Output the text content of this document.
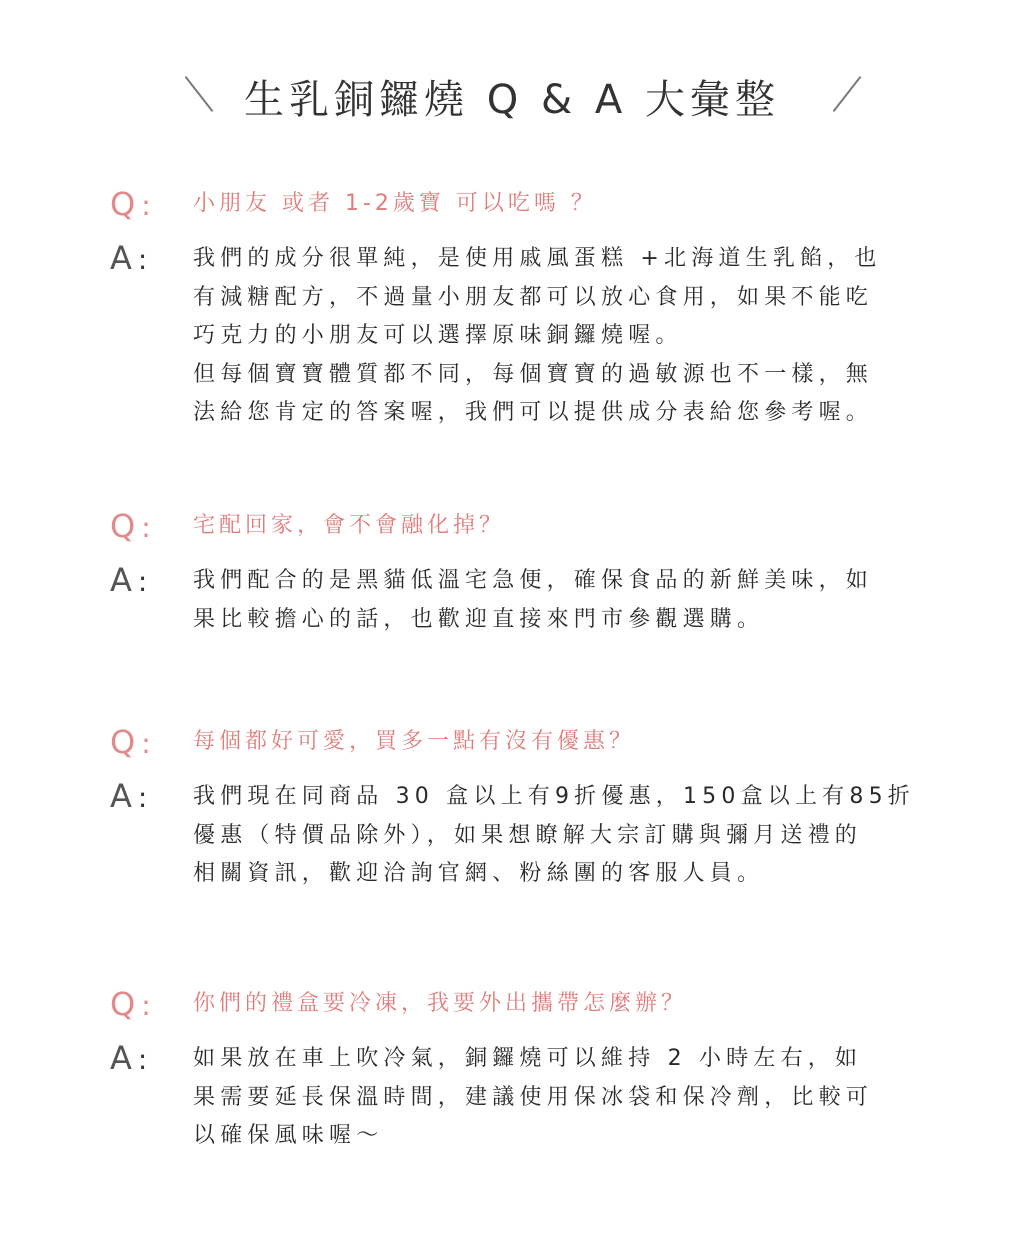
生乳銅鑼燒 Q & A 大彙整
Q :	小朋友 或者 1-2歲寶 可以吃嗎 ？
A :	我們的成分很單純，是使用戚風蛋糕 +北海道生乳餡，也
有減糖配方，不過量小朋友都可以放心食用，如果不能吃
巧克力的小朋友可以選擇原味銅鑼燒喔。
但每個寶寶體質都不同，每個寶寶的過敏源也不一樣，無
法給您肯定的答案喔，我們可以提供成分表給您參考喔。
Q :	宅配回家，會不會融化掉？
A :	我們配合的是黑貓低溫宅急便，確保食品的新鮮美味，如
果比較擔心的話，也歡迎直接來門市參觀選購。
Q :	每個都好可愛，買多一點有沒有優惠？
A :	我們現在同商品 30 盒以上有9折優惠，150盒以上有85折
優惠（特價品除外），如果想瞭解大宗訂購與彌月送禮的
相關資訊，歡迎洽詢官網、粉絲團的客服人員。
Q :	你們的禮盒要冷凍，我要外出攜帶怎麼辦？
A :	如果放在車上吹冷氣，銅鑼燒可以維持 2 小時左右，如
果需要延長保溫時間，建議使用保冰袋和保冷劑，比較可
以確保風味喔～
